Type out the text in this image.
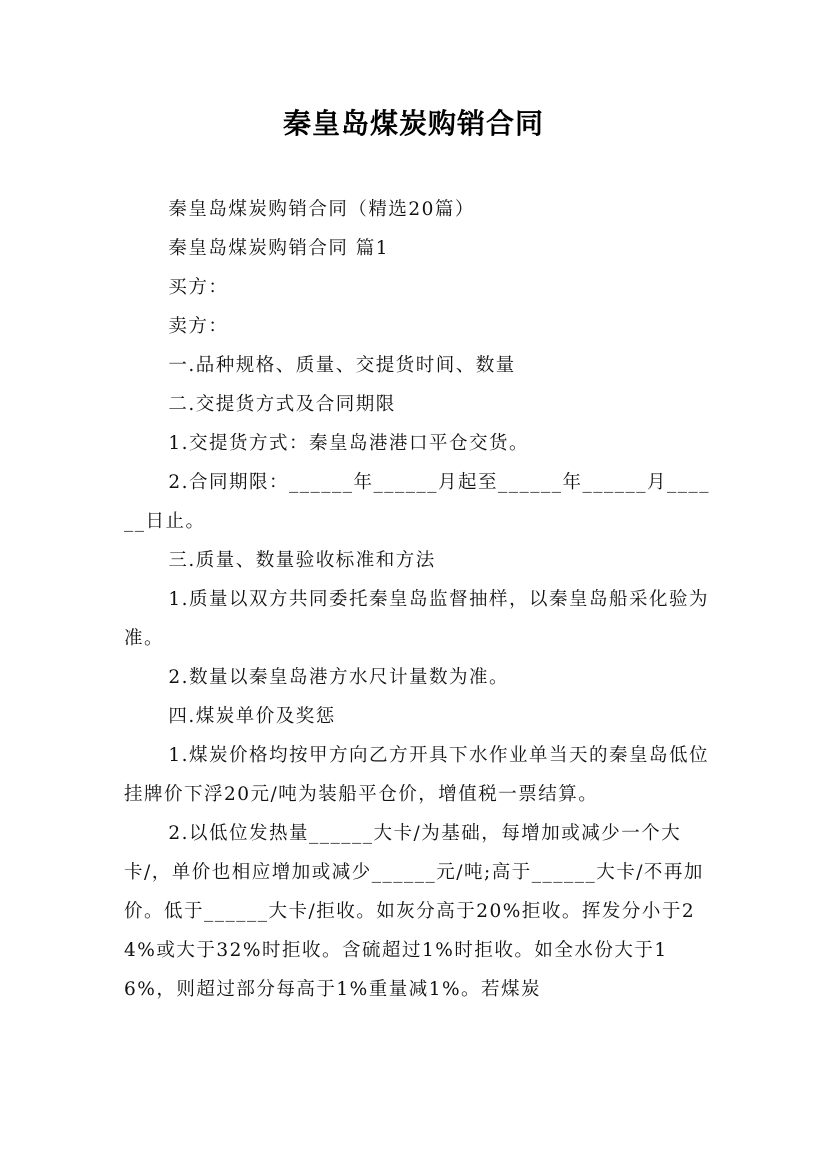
秦皇岛煤炭购销合同

秦皇岛煤炭购销合同（精选20篇）

秦皇岛煤炭购销合同 篇1

买方：

卖方：

一.品种规格、质量、交提货时间、数量

二.交提货方式及合同期限

1.交提货方式：秦皇岛港港口平仓交货。

2.合同期限：______年______月起至______年______月______日止。

三.质量、数量验收标准和方法

1.质量以双方共同委托秦皇岛监督抽样，以秦皇岛船采化验为准。

2.数量以秦皇岛港方水尺计量数为准。

四.煤炭单价及奖惩

1.煤炭价格均按甲方向乙方开具下水作业单当天的秦皇岛低位挂牌价下浮20元/吨为装船平仓价，增值税一票结算。

2.以低位发热量______大卡/为基础，每增加或减少一个大卡/，单价也相应增加或减少______元/吨;高于______大卡/不再加价。低于______大卡/拒收。如灰分高于20%拒收。挥发分小于24%或大于32%时拒收。含硫超过1%时拒收。如全水份大于16%，则超过部分每高于1%重量减1%。若煤炭
